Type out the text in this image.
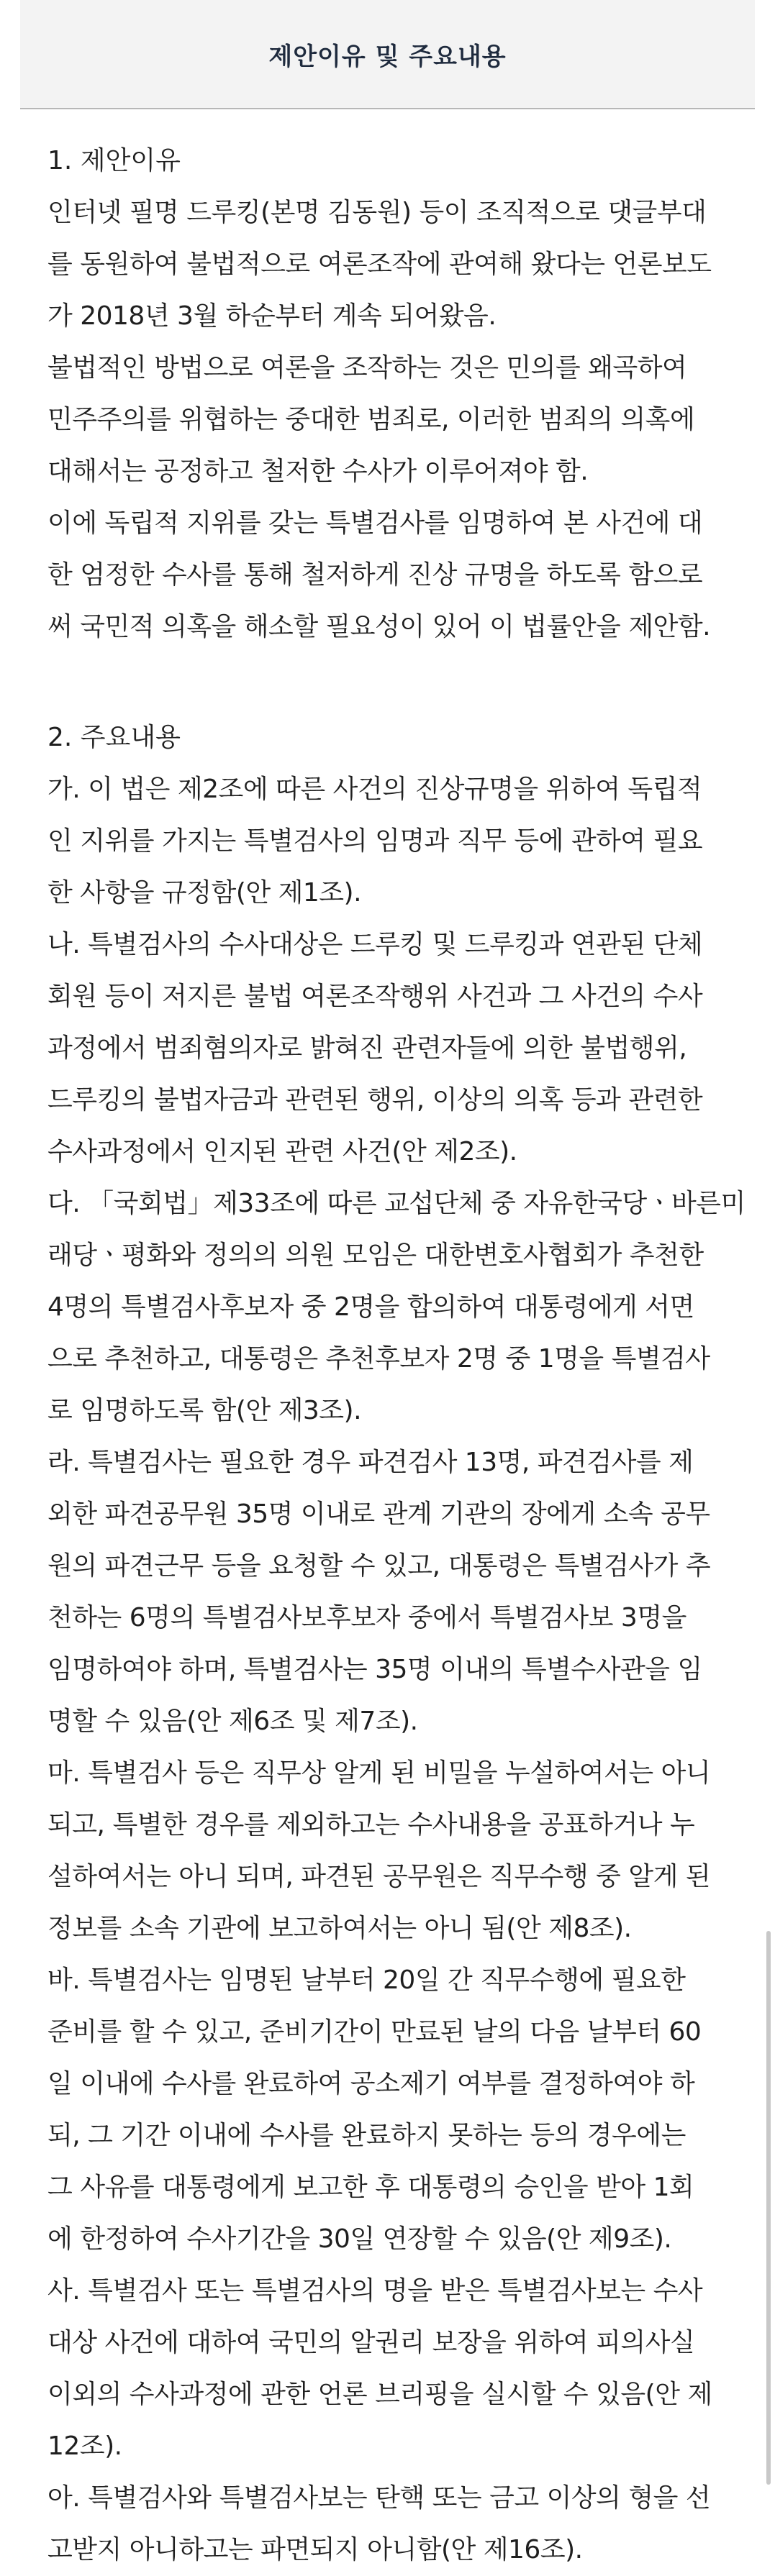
제안이유 및 주요내용
1. 제안이유
인터넷 필명 드루킹(본명 김동원) 등이 조직적으로 댓글부대
를 동원하여 불법적으로 여론조작에 관여해 왔다는 언론보도
가 2018년 3월 하순부터 계속 되어왔음.
불법적인 방법으로 여론을 조작하는 것은 민의를 왜곡하여
민주주의를 위협하는 중대한 범죄로, 이러한 범죄의 의혹에
대해서는 공정하고 철저한 수사가 이루어져야 함.
이에 독립적 지위를 갖는 특별검사를 임명하여 본 사건에 대
한 엄정한 수사를 통해 철저하게 진상 규명을 하도록 함으로
써 국민적 의혹을 해소할 필요성이 있어 이 법률안을 제안함.
2. 주요내용
가. 이 법은 제2조에 따른 사건의 진상규명을 위하여 독립적
인 지위를 가지는 특별검사의 임명과 직무 등에 관하여 필요
한 사항을 규정함(안 제1조).
나. 특별검사의 수사대상은 드루킹 및 드루킹과 연관된 단체
회원 등이 저지른 불법 여론조작행위 사건과 그 사건의 수사
과정에서 범죄혐의자로 밝혀진 관련자들에 의한 불법행위,
드루킹의 불법자금과 관련된 행위, 이상의 의혹 등과 관련한
수사과정에서 인지된 관련 사건(안 제2조).
다. 「국회법」제33조에 따른 교섭단체 중 자유한국당ㆍ바른미
래당ㆍ평화와 정의의 의원 모임은 대한변호사협회가 추천한
4명의 특별검사후보자 중 2명을 합의하여 대통령에게 서면
으로 추천하고, 대통령은 추천후보자 2명 중 1명을 특별검사
로 임명하도록 함(안 제3조).
라. 특별검사는 필요한 경우 파견검사 13명, 파견검사를 제
외한 파견공무원 35명 이내로 관계 기관의 장에게 소속 공무
원의 파견근무 등을 요청할 수 있고, 대통령은 특별검사가 추
천하는 6명의 특별검사보후보자 중에서 특별검사보 3명을
임명하여야 하며, 특별검사는 35명 이내의 특별수사관을 임
명할 수 있음(안 제6조 및 제7조).
마. 특별검사 등은 직무상 알게 된 비밀을 누설하여서는 아니
되고, 특별한 경우를 제외하고는 수사내용을 공표하거나 누
설하여서는 아니 되며, 파견된 공무원은 직무수행 중 알게 된
정보를 소속 기관에 보고하여서는 아니 됨(안 제8조).
바. 특별검사는 임명된 날부터 20일 간 직무수행에 필요한
준비를 할 수 있고, 준비기간이 만료된 날의 다음 날부터 60
일 이내에 수사를 완료하여 공소제기 여부를 결정하여야 하
되, 그 기간 이내에 수사를 완료하지 못하는 등의 경우에는
그 사유를 대통령에게 보고한 후 대통령의 승인을 받아 1회
에 한정하여 수사기간을 30일 연장할 수 있음(안 제9조).
사. 특별검사 또는 특별검사의 명을 받은 특별검사보는 수사
대상 사건에 대하여 국민의 알권리 보장을 위하여 피의사실
이외의 수사과정에 관한 언론 브리핑을 실시할 수 있음(안 제
12조).
아. 특별검사와 특별검사보는 탄핵 또는 금고 이상의 형을 선
고받지 아니하고는 파면되지 아니함(안 제16조).
